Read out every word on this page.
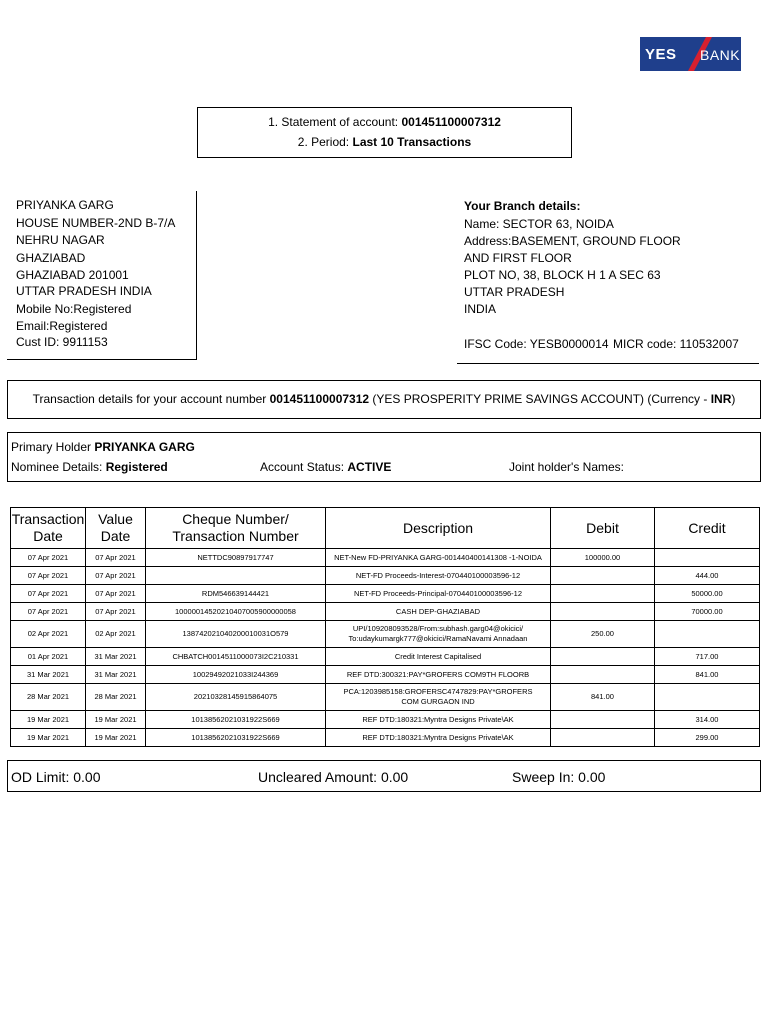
YES BANK
1. Statement of account: 001451100007312
2. Period: Last 10 Transactions
PRIYANKA GARG
HOUSE NUMBER-2ND B-7/A
NEHRU NAGAR
GHAZIABAD
GHAZIABAD 201001
UTTAR PRADESH INDIA
Mobile No:Registered
Email:Registered
Cust ID: 9911153
Your Branch details:
Name: SECTOR 63, NOIDA
Address:BASEMENT, GROUND FLOOR
AND FIRST FLOOR
PLOT NO, 38, BLOCK H 1 A SEC 63
UTTAR PRADESH
INDIA
IFSC Code: YESB0000014 MICR code: 110532007
Transaction details for your account number 001451100007312 (YES PROSPERITY PRIME SAVINGS ACCOUNT) (Currency - INR)
Primary Holder PRIYANKA GARG
Nominee Details: Registered	Account Status: ACTIVE	Joint holder's Names:
Transaction Date	Value Date	Cheque Number/ Transaction Number	Description	Debit	Credit
07 Apr 2021	07 Apr 2021	NETTDC90897917747	NET-New FD-PRIYANKA GARG-001440400141308 -1-NOIDA	100000.00	
07 Apr 2021	07 Apr 2021		NET-FD Proceeds-Interest-070440100003596-12		444.00
07 Apr 2021	07 Apr 2021	RDM546639144421	NET-FD Proceeds-Principal-070440100003596-12		50000.00
07 Apr 2021	07 Apr 2021	10000014520210407005900000058	CASH DEP-GHAZIABAD		70000.00
02 Apr 2021	02 Apr 2021	138742021040200010031O579	UPI/109208093528/From:subhash.garg04@okicici/
To:udaykumargk777@okicici/RamaNavami Annadaan	250.00	
01 Apr 2021	31 Mar 2021	CHBATCH0014511000073I2C210331	Credit Interest Capitalised		717.00
31 Mar 2021	31 Mar 2021	10029492021033I244369	REF DTD:300321:PAY*GROFERS COM9TH FLOORB		841.00
28 Mar 2021	28 Mar 2021	20210328145915864075	PCA:1203985158:GROFERSC4747829:PAY*GROFERS
COM GURGAON IND	841.00	
19 Mar 2021	19 Mar 2021	10138562021031922S669	REF DTD:180321:Myntra Designs Private\AK		314.00
19 Mar 2021	19 Mar 2021	10138562021031922S669	REF DTD:180321:Myntra Designs Private\AK		299.00
OD Limit: 0.00	Uncleared Amount: 0.00	Sweep In: 0.00
